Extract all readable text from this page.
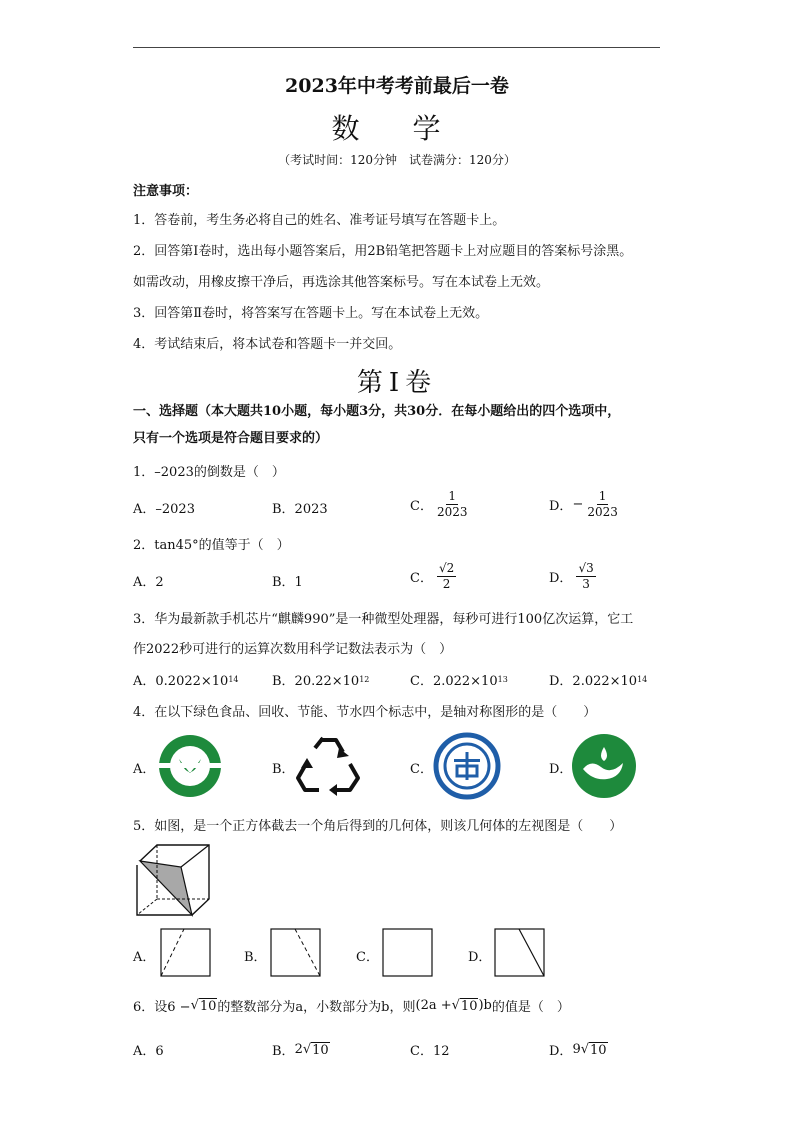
2023年中考考前最后一卷
数 学
（考试时间：120分钟　试卷满分：120分）
注意事项：
1．答卷前，考生务必将自己的姓名、准考证号填写在答题卡上。
2．回答第Ⅰ卷时，选出每小题答案后，用2B铅笔把答题卡上对应题目的答案标号涂黑。
如需改动，用橡皮擦干净后，再选涂其他答案标号。写在本试卷上无效。
3．回答第Ⅱ卷时，将答案写在答题卡上。写在本试卷上无效。
4．考试结束后，将本试卷和答题卡一并交回。
第Ⅰ卷
一、选择题（本大题共10小题，每小题3分，共30分．在每小题给出的四个选项中，
只有一个选项是符合题目要求的）
1．–2023的倒数是（　）
A．–2023	B．2023	C． $\frac{1}{2023}$	D． − $\frac{1}{2023}$
2．tan45°的值等于（　）
A．2	B．1	C． $\frac{√2}{2}$	D． $\frac{√3}{3}$
3．华为最新款手机芯片“麒麟990”是一种微型处理器，每秒可进行100亿次运算，它工
作2022秒可进行的运算次数用科学记数法表示为（　）
A．0.2022×10 14	B．20.22×10 12	C．2.022×10 13	D．2.022×10 14
4．在以下绿色食品、回收、节能、节水四个标志中，是轴对称图形的是（　　）
A．	B．	C．	D．
5．如图，是一个正方体截去一个角后得到的几何体，则该几何体的左视图是（　　）
A．	B．	C．	D．
6．设6 − √ 10 的整数部分为a，小数部分为b，则 (2a + √ 10 )b 的值是（　）
A．6	B． 2 √ 10	C．12	D． 9 √ 10
